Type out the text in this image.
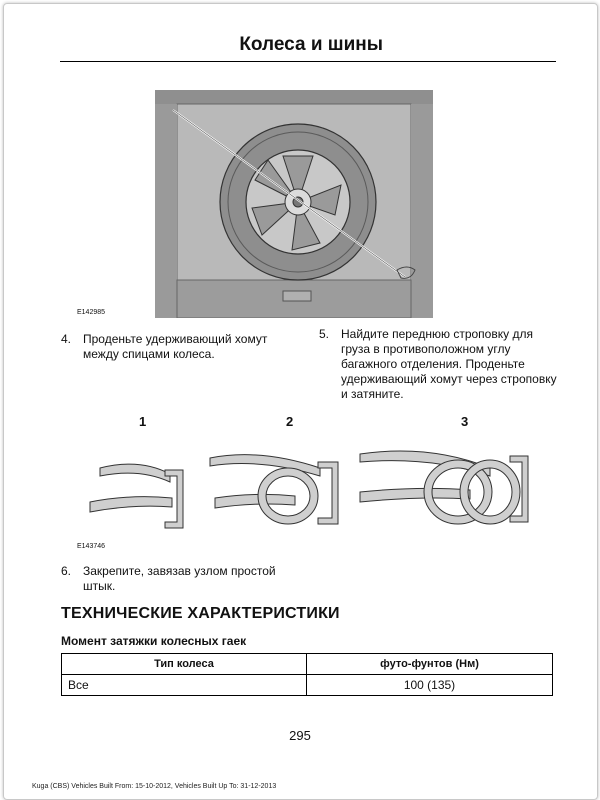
Колеса и шины
E142985
4. Проденьте удерживающий хомут между спицами колеса.
5. Найдите переднюю строповку для груза в противоположном углу багажного отделения. Проденьте удерживающий хомут через строповку и затяните.
1	2	3
E143746
6. Закрепите, завязав узлом простой штык.
ТЕХНИЧЕСКИЕ ХАРАКТЕРИСТИКИ
Момент затяжки колесных гаек
Тип колеса	футо-фунтов (Нм)
Все	100 (135)
295
Kuga (CBS) Vehicles Built From: 15-10-2012, Vehicles Built Up To: 31-12-2013
